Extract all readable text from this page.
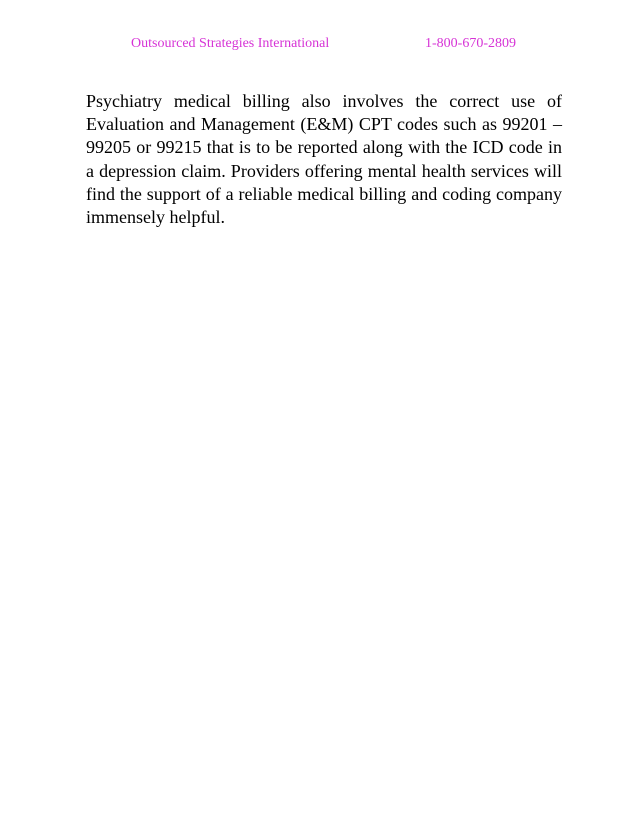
Outsourced Strategies International	1-800-670-2809

Psychiatry medical billing also involves the correct use of Evaluation and Management (E&M) CPT codes such as 99201 – 99205 or 99215 that is to be reported along with the ICD code in a depression claim. Providers offering mental health services will find the support of a reliable medical billing and coding company immensely helpful.
